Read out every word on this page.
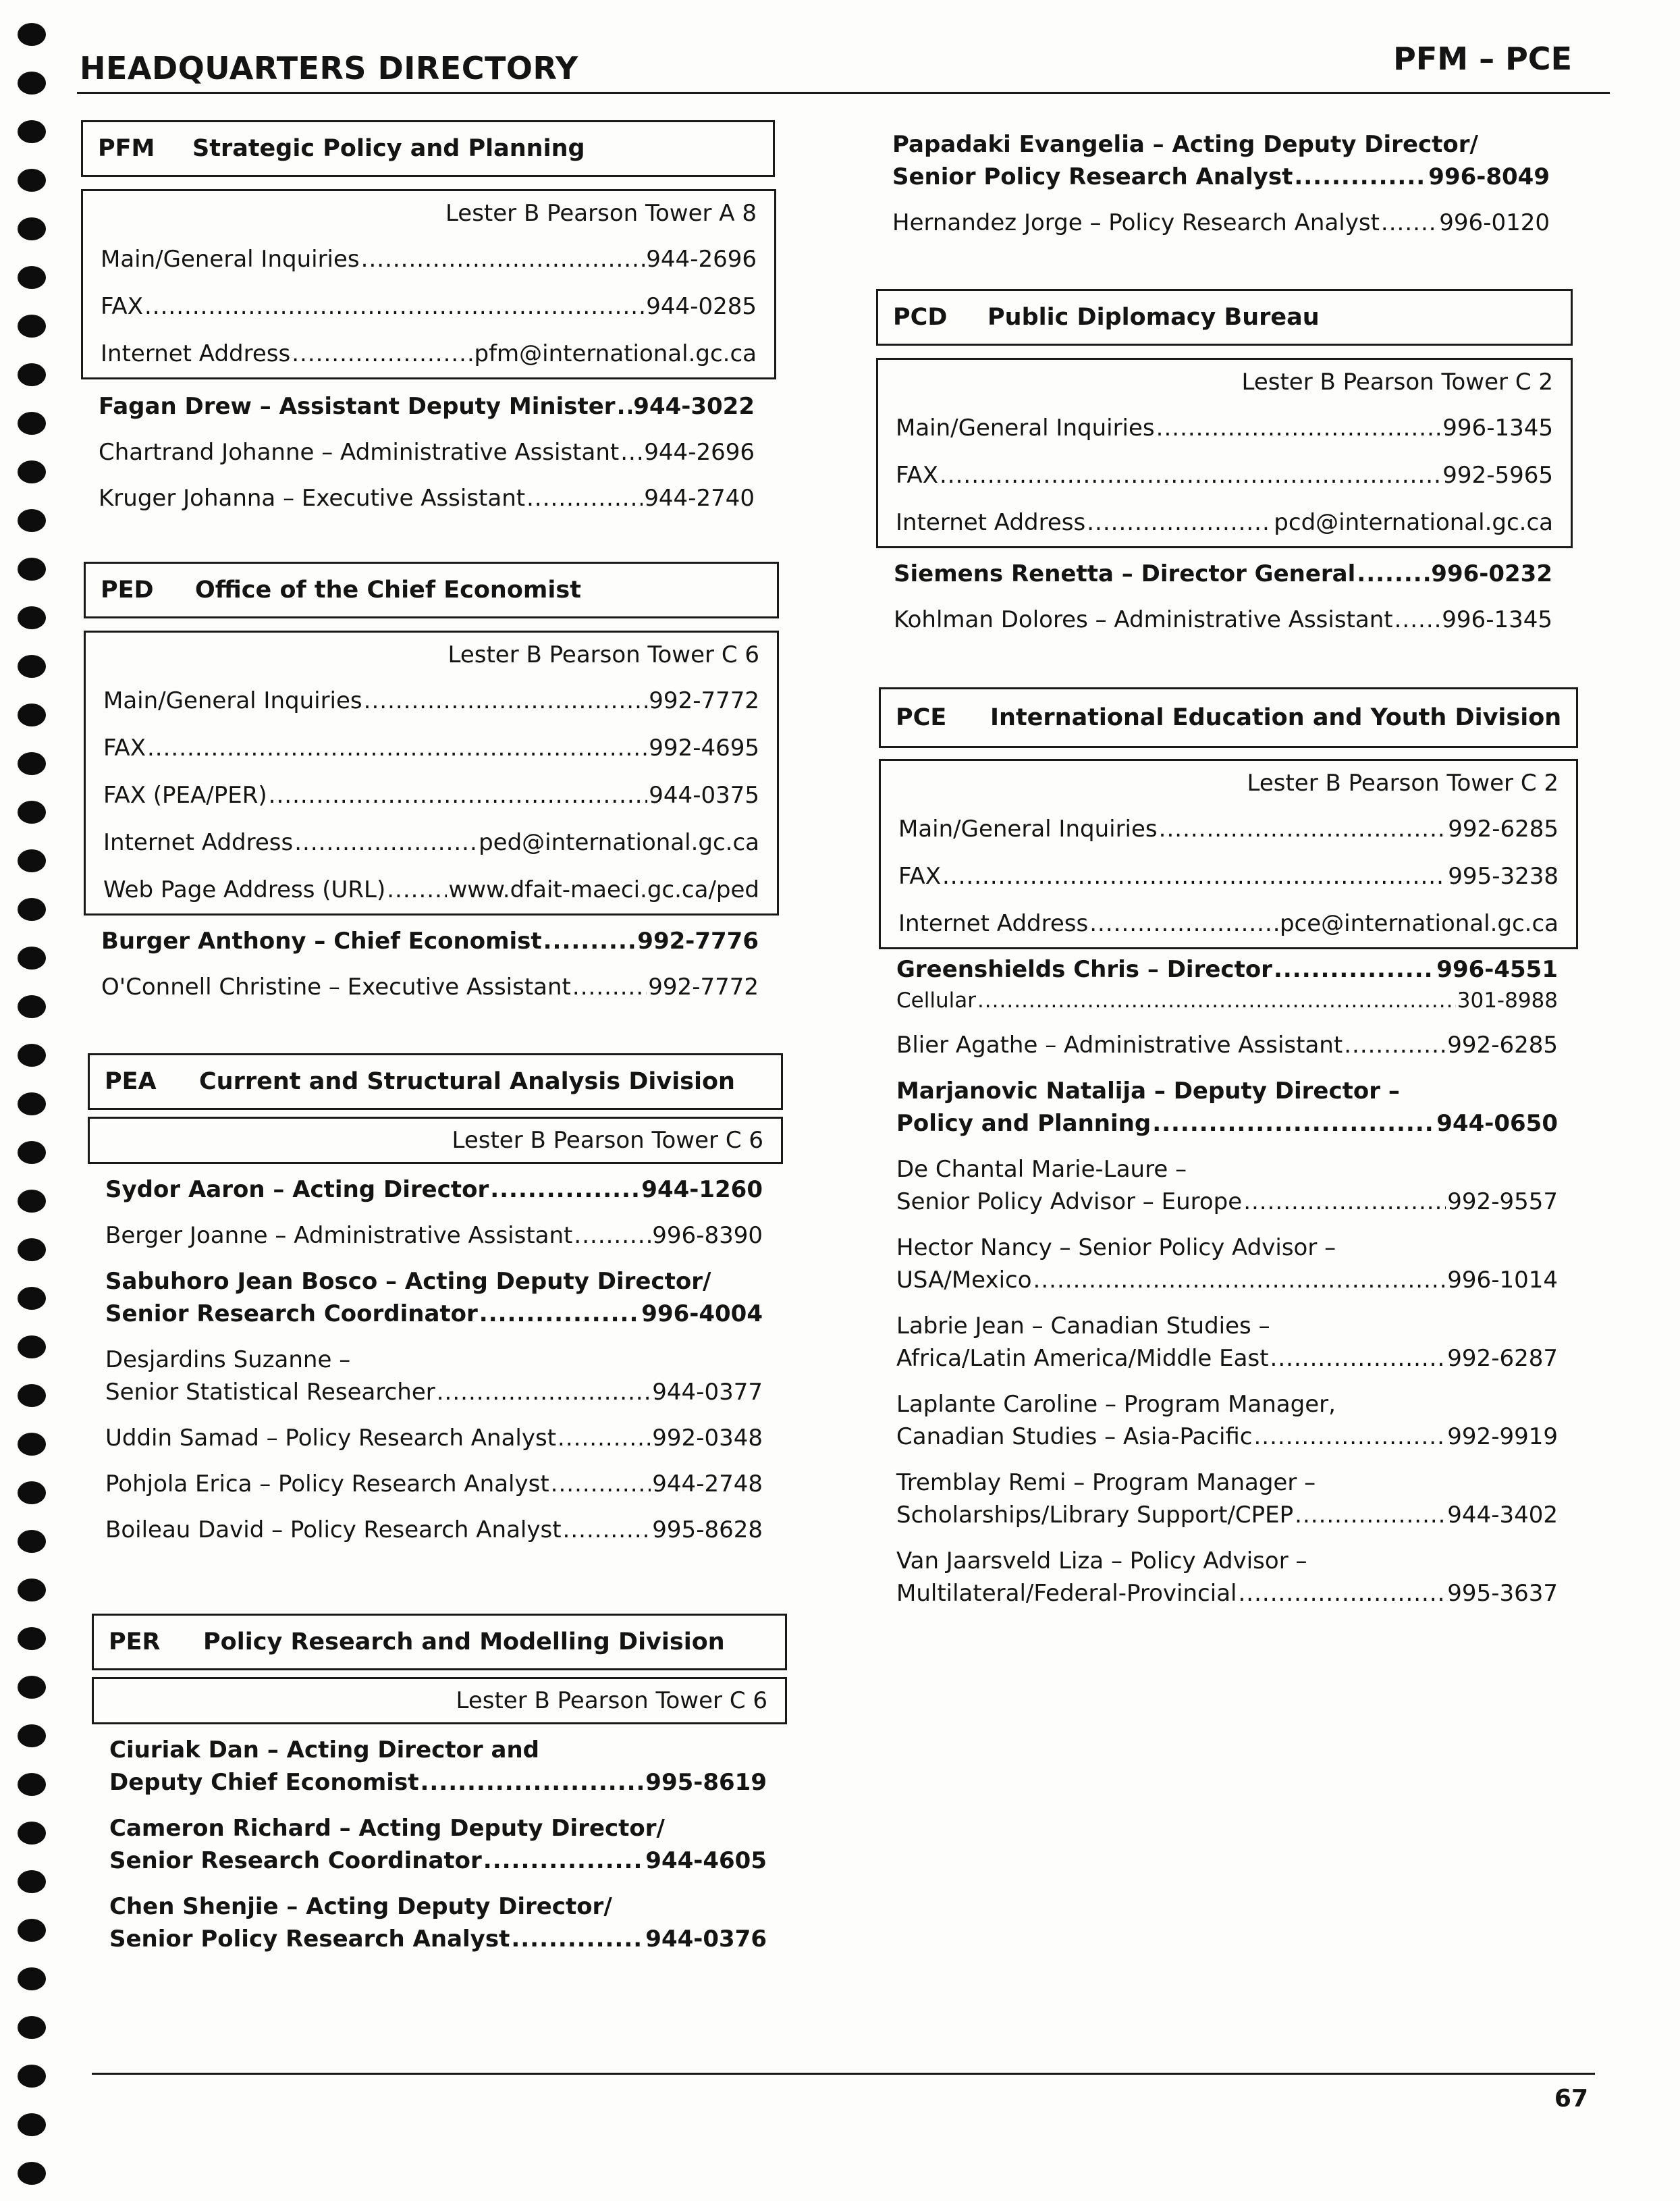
HEADQUARTERS DIRECTORY	PFM – PCE
PFM	Strategic Policy and Planning
Lester B Pearson Tower A 8
Main/General Inquiries .....	944-2696
FAX .....	944-0285
Internet Address .....	pfm@international.gc.ca
Fagan Drew – Assistant Deputy Minister ..... 944-3022
Chartrand Johanne – Administrative Assistant ..... 944-2696
Kruger Johanna – Executive Assistant .....	944-2740
PED	Office of the Chief Economist
Lester B Pearson Tower C 6
Main/General Inquiries .....	992-7772
FAX .....	992-4695
FAX (PEA/PER) .....	944-0375
Internet Address .....	ped@international.gc.ca
Web Page Address (URL) .....	www.dfait-maeci.gc.ca/ped
Burger Anthony – Chief Economist .....	992-7776
O'Connell Christine – Executive Assistant .....	992-7772
PEA	Current and Structural Analysis Division
Lester B Pearson Tower C 6
Sydor Aaron – Acting Director .....	944-1260
Berger Joanne – Administrative Assistant .....	996-8390
Sabuhoro Jean Bosco – Acting Deputy Director/
Senior Research Coordinator .....	996-4004
Desjardins Suzanne –
Senior Statistical Researcher .....	944-0377
Uddin Samad – Policy Research Analyst .....	992-0348
Pohjola Erica – Policy Research Analyst .....	944-2748
Boileau David – Policy Research Analyst .....	995-8628
PER	Policy Research and Modelling Division
Lester B Pearson Tower C 6
Ciuriak Dan – Acting Director and
Deputy Chief Economist .....	995-8619
Cameron Richard – Acting Deputy Director/
Senior Research Coordinator .....	944-4605
Chen Shenjie – Acting Deputy Director/
Senior Policy Research Analyst .....	944-0376
Papadaki Evangelia – Acting Deputy Director/
Senior Policy Research Analyst .....	996-8049
Hernandez Jorge – Policy Research Analyst .....	996-0120
PCD	Public Diplomacy Bureau
Lester B Pearson Tower C 2
Main/General Inquiries .....	996-1345
FAX .....	992-5965
Internet Address .....	pcd@international.gc.ca
Siemens Renetta – Director General .....	996-0232
Kohlman Dolores – Administrative Assistant ..... 996-1345
PCE	International Education and Youth Division
Lester B Pearson Tower C 2
Main/General Inquiries .....	992-6285
FAX .....	995-3238
Internet Address .....	pce@international.gc.ca
Greenshields Chris – Director .....	996-4551
Cellular .....	301-8988
Blier Agathe – Administrative Assistant .....	992-6285
Marjanovic Natalija – Deputy Director –
Policy and Planning .....	944-0650
De Chantal Marie-Laure –
Senior Policy Advisor – Europe .....	992-9557
Hector Nancy – Senior Policy Advisor –
USA/Mexico .....	996-1014
Labrie Jean – Canadian Studies –
Africa/Latin America/Middle East .....	992-6287
Laplante Caroline – Program Manager,
Canadian Studies – Asia-Pacific .....	992-9919
Tremblay Remi – Program Manager –
Scholarships/Library Support/CPEP .....	944-3402
Van Jaarsveld Liza – Policy Advisor –
Multilateral/Federal-Provincial .....	995-3637
67
